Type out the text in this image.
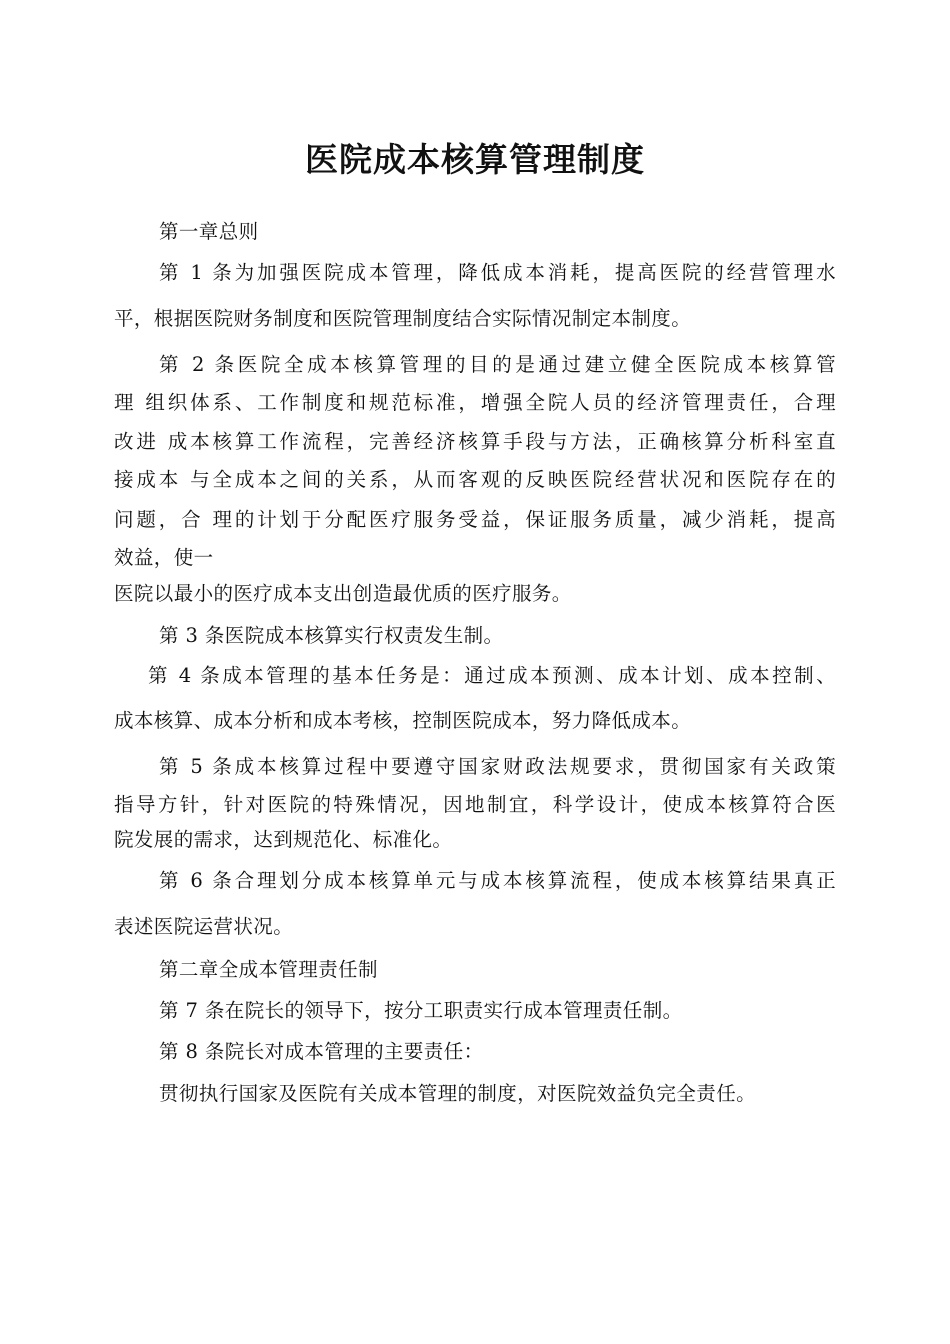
医院成本核算管理制度
第一章总则
第 1 条为加强医院成本管理，降低成本消耗，提高医院的经营管理水
平，根据医院财务制度和医院管理制度结合实际情况制定本制度。
第 2 条医院全成本核算管理的目的是通过建立健全医院成本核算管
理 组织体系、工作制度和规范标准，增强全院人员的经济管理责任，合理
改进 成本核算工作流程，完善经济核算手段与方法，正确核算分析科室直
接成本 与全成本之间的关系，从而客观的反映医院经营状况和医院存在的
问题，合 理的计划于分配医疗服务受益，保证服务质量，减少消耗，提高
效益，使一
医院以最小的医疗成本支出创造最优质的医疗服务。
第 3 条医院成本核算实行权责发生制。
第 4 条成本管理的基本任务是：通过成本预测、成本计划、成本控制、
成本核算、成本分析和成本考核，控制医院成本，努力降低成本。
第 5 条成本核算过程中要遵守国家财政法规要求，贯彻国家有关政策
指导方针，针对医院的特殊情况，因地制宜，科学设计，使成本核算符合医
院发展的需求，达到规范化、标准化。
第 6 条合理划分成本核算单元与成本核算流程，使成本核算结果真正
表述医院运营状况。
第二章全成本管理责任制
第 7 条在院长的领导下，按分工职责实行成本管理责任制。
第 8 条院长对成本管理的主要责任：
贯彻执行国家及医院有关成本管理的制度，对医院效益负完全责任。
